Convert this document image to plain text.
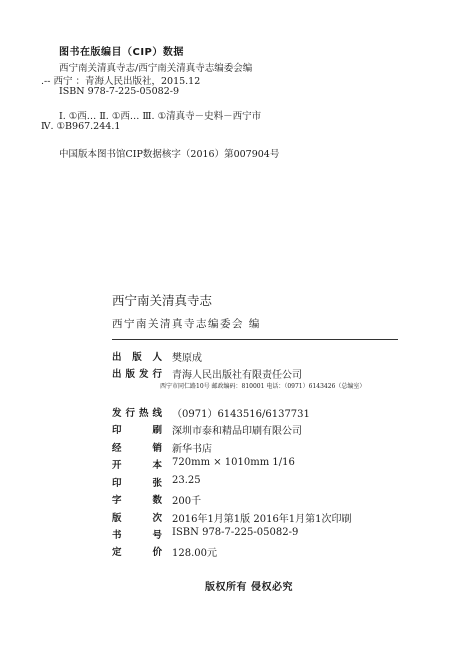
图书在版编目（CIP）数据
西宁南关清真寺志/西宁南关清真寺志编委会编
.-- 西宁 ：青海人民出版社，2015.12
ISBN 978-7-225-05082-9
Ⅰ. ①西… Ⅱ. ①西… Ⅲ. ①清真寺－史料－西宁市
Ⅳ. ①B967.244.1
中国版本图书馆CIP数据核字（2016）第007904号
西宁南关清真寺志
西宁南关清真寺志编委会 编
出 版 人 樊原成
出 版 发 行 青海人民出版社有限责任公司
西宁市同仁路10号 邮政编码：810001 电话：（0971）6143426（总编室）
发 行 热 线 （0971）6143516/6137731
印	刷 深圳市泰和精品印刷有限公司
经	销 新华书店
开	本 720mm × 1010mm 1/16
印	张 23.25
字	数 200千
版	次 2016年1月第1版 2016年1月第1次印刷
书	号 ISBN 978-7-225-05082-9
定	价 128.00元
版权所有 侵权必究
